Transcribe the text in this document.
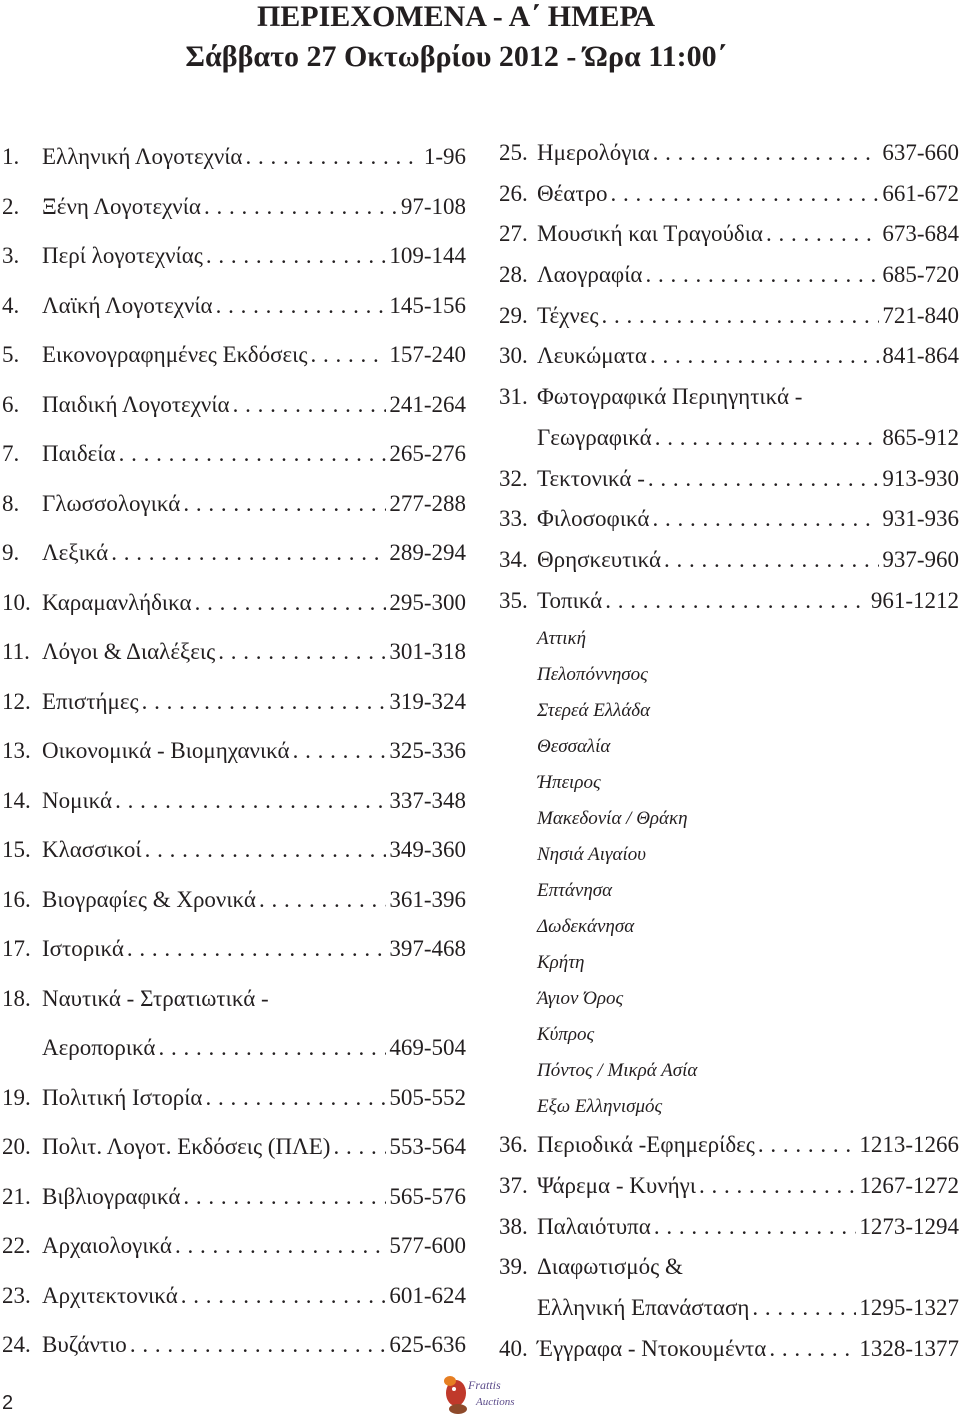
ΠΕΡΙΕΧΟΜΕΝΑ - Α΄ ΗΜΕΡΑ
Σάββατο 27 Οκτωβρίου 2012 - Ώρα 11:00΄
1. Ελληνική Λογοτεχνία . . .	1-96
2. Ξένη Λογοτεχνία . . .	97-108
3. Περί λογοτεχνίας . . .	109-144
4. Λαϊκή Λογοτεχνία . . .	145-156
5. Εικονογραφημένες Εκδόσεις . . .	157-240
6. Παιδική Λογοτεχνία . . .	241-264
7. Παιδεία . . .	265-276
8. Γλωσσολογικά . . .	277-288
9. Λεξικά . . .	289-294
10. Καραμανλήδικα . . .	295-300
11. Λόγοι & Διαλέξεις . . .	301-318
12. Επιστήμες . . .	319-324
13. Οικονομικά - Βιομηχανικά . . .	325-336
14. Νομικά . . .	337-348
15. Κλασσικοί . . .	349-360
16. Βιογραφίες & Χρονικά . . .	361-396
17. Ιστορικά . . .	397-468
18. Ναυτικά - Στρατιωτικά -
Αεροπορικά . . .	469-504
19. Πολιτική Ιστορία . . .	505-552
20. Πολιτ. Λογοτ. Εκδόσεις (ΠΛΕ) . . .	553-564
21. Βιβλιογραφικά . . .	565-576
22. Αρχαιολογικά . . .	577-600
23. Αρχιτεκτονικά . . .	601-624
24. Βυζάντιο . . .	625-636
25. Ημερολόγια . . .	637-660
26. Θέατρο . . .	661-672
27. Μουσική και Τραγούδια . . .	673-684
28. Λαογραφία . . .	685-720
29. Τέχνες . . .	721-840
30. Λευκώματα . . .	841-864
31. Φωτογραφικά Περιηγητικά -
Γεωγραφικά . . .	865-912
32. Τεκτονικά - . . .	913-930
33. Φιλοσοφικά . . .	931-936
34. Θρησκευτικά . . .	937-960
35. Τοπικά . . .	961-1212
Αττική
Πελοπόννησος
Στερεά Ελλάδα
Θεσσαλία
Ήπειρος
Μακεδονία / Θράκη
Νησιά Αιγαίου
Επτάνησα
Δωδεκάνησα
Κρήτη
Άγιον Όρος
Κύπρος
Πόντος / Μικρά Ασία
Εξω Ελληνισμός
36. Περιοδικά -Εφημερίδες . . .	1213-1266
37. Ψάρεμα - Κυνήγι . . .	1267-1272
38. Παλαιότυπα . . .	1273-1294
39. Διαφωτισμός &
Ελληνική Επανάσταση . . .	1295-1327
40. Έγγραφα - Ντοκουμέντα . . .	1328-1377
2
Frattis
Auctions
